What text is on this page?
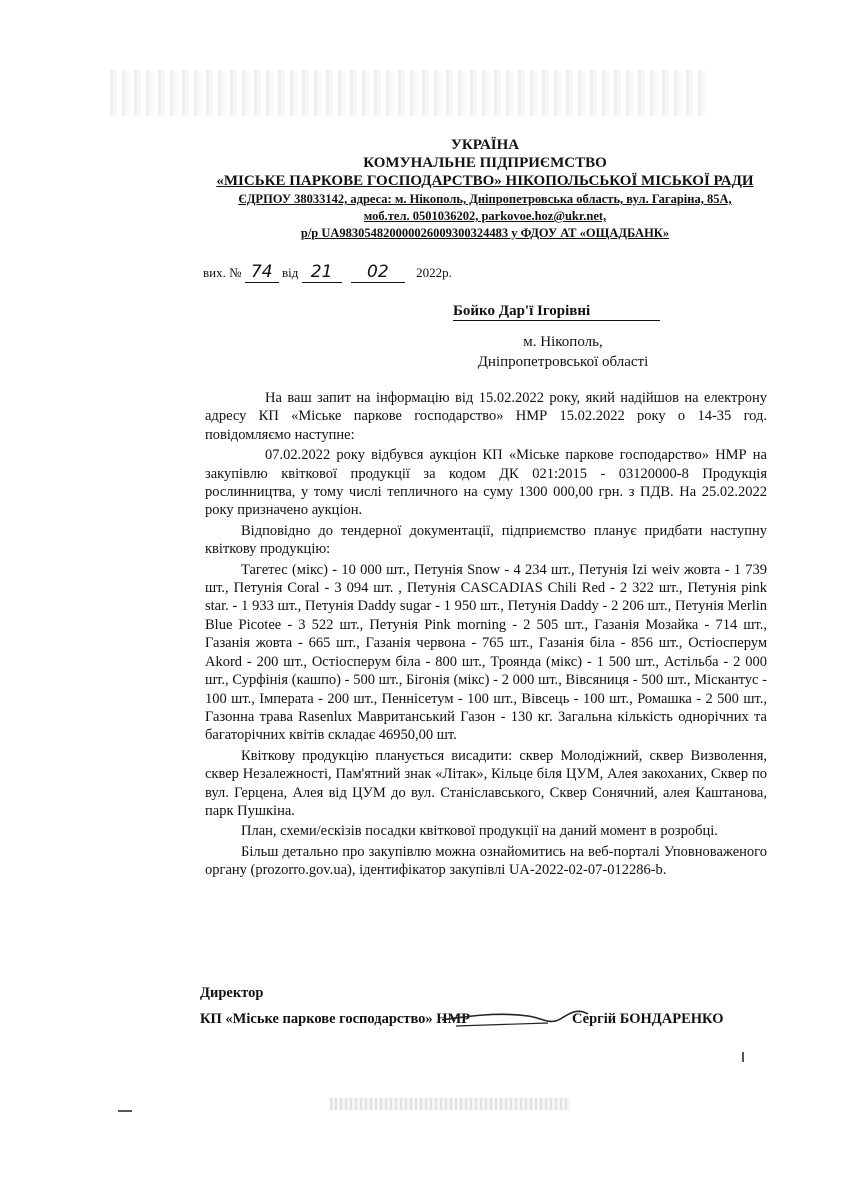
УКРАЇНА
КОМУНАЛЬНЕ ПІДПРИЄМСТВО
«МІСЬКЕ ПАРКОВЕ ГОСПОДАРСТВО» НІКОПОЛЬСЬКОЇ МІСЬКОЇ РАДИ
ЄДРПОУ 38033142, адреса: м. Нікополь, Дніпропетровська область, вул. Гагаріна, 85А,
моб.тел. 0501036202, parkovoe.hoz@ukr.net,
р/р UA983054820000026009300324483 у ФДОУ АТ «ОЩАДБАНК»
вих. № 74 від 21 02 2022р.
Бойко Дар'ї Ігорівні
м. Нікополь,
Дніпропетровської області

На ваш запит на інформацію від 15.02.2022 року, який надійшов на електрону адресу КП «Міське паркове господарство» НМР 15.02.2022 року о 14-35 год. повідомляємо наступне:

07.02.2022 року відбувся аукціон КП «Міське паркове господарство» НМР на закупівлю квіткової продукції за кодом ДК 021:2015 - 03120000-8 Продукція рослинництва, у тому числі тепличного на суму 1300 000,00 грн. з ПДВ. На 25.02.2022 року призначено аукціон.

Відповідно до тендерної документації, підприємство планує придбати наступну квіткову продукцію:

Тагетес (мікс) - 10 000 шт., Петунія Snow - 4 234 шт., Петунія Izi weiv жовта - 1 739 шт., Петунія Coral - 3 094 шт. , Петунія CASCADIAS Chili Red - 2 322 шт., Петунія pink star. - 1 933 шт., Петунія Daddy sugar - 1 950 шт., Петунія Daddy - 2 206 шт., Петунія Merlin Blue Picotee - 3 522 шт., Петунія Pink morning - 2 505 шт., Газанія Мозайка - 714 шт., Газанія жовта - 665 шт., Газанія червона - 765 шт., Газанія біла - 856 шт., Остіосперум Akord - 200 шт., Остіосперум біла - 800 шт., Троянда (мікс) - 1 500 шт., Астільба - 2 000 шт., Сурфінія (кашпо) - 500 шт., Бігонія (мікс) - 2 000 шт., Вівсяниця - 500 шт., Міскантус - 100 шт., Імперата - 200 шт., Пеннісетум - 100 шт., Вівсець - 100 шт., Ромашка - 2 500 шт., Газонна трава Rasenlux Мавританський Газон - 130 кг. Загальна кількість однорічних та багаторічних квітів складає 46950,00 шт.

Квіткову продукцію планується висадити: сквер Молодіжний, сквер Визволення, сквер Незалежності, Пам'ятний знак «Літак», Кільце біля ЦУМ, Алея закоханих, Сквер по вул. Герцена, Алея від ЦУМ до вул. Станіславського, Сквер Сонячний, алея Каштанова, парк Пушкіна.

План, схеми/ескізів посадки квіткової продукції на даний момент в розробці.

Більш детально про закупівлю можна ознайомитись на веб-порталі Уповноваженого органу (prozorro.gov.ua), ідентифікатор закупівлі UA-2022-02-07-012286-b.

Директор
КП «Міське паркове господарство» НМР	Сергій БОНДАРЕНКО
